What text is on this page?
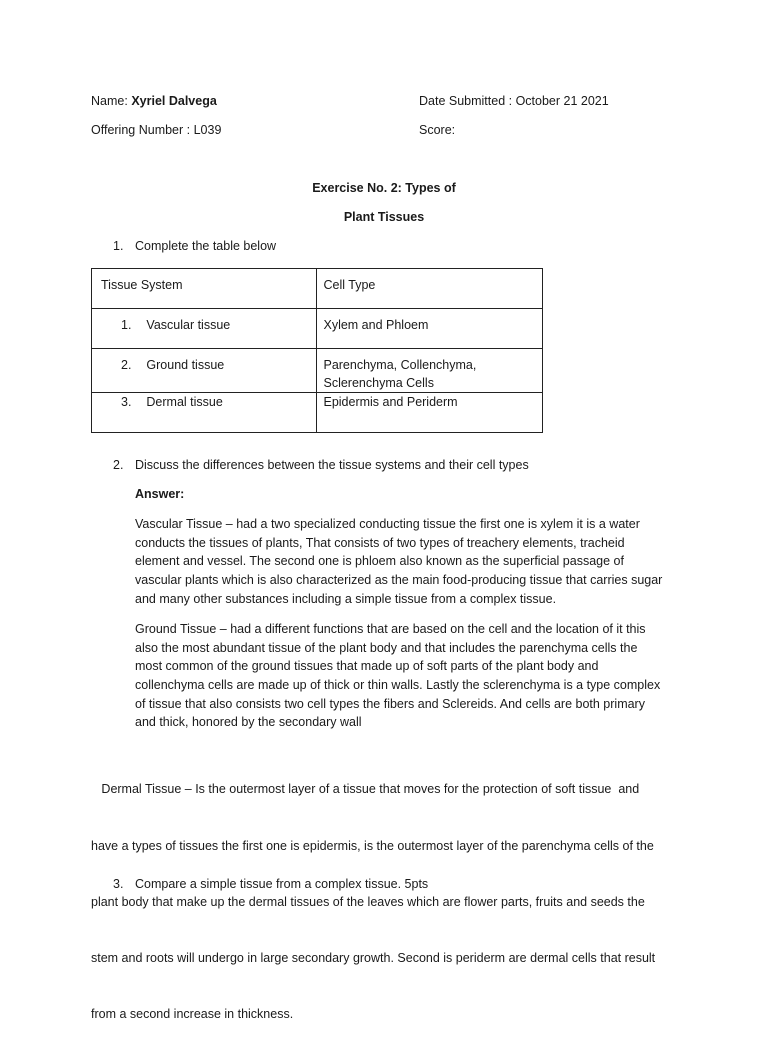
Name: Xyriel Dalvega	Date Submitted : October 21 2021
Offering Number : L039	Score:
Exercise No. 2: Types of
Plant Tissues
1. Complete the table below
Tissue System	Cell Type

1. Vascular tissue	Xylem and Phloem

2. Ground tissue	Parenchyma, Collenchyma,
Sclerenchyma Cells

3. Dermal tissue	Epidermis and Periderm
2. Discuss the differences between the tissue systems and their cell types
Answer:
Vascular Tissue – had a two specialized conducting tissue the first one is xylem it is a water
conducts the tissues of plants, That consists of two types of treachery elements, tracheid
element and vessel. The second one is phloem also known as the superficial passage of
vascular plants which is also characterized as the main food-producing tissue that carries sugar
and many other substances including a simple tissue from a complex tissue.
Ground Tissue – had a different functions that are based on the cell and the location of it this
also the most abundant tissue of the plant body and that includes the parenchyma cells the
most common of the ground tissues that made up of soft parts of the plant body and
collenchyma cells are made up of thick or thin walls. Lastly the sclerenchyma is a type complex
of tissue that also consists two cell types the fibers and Sclereids. And cells are both primary
and thick, honored by the secondary wall

Dermal Tissue – Is the outermost layer of a tissue that moves for the protection of soft tissue  and

have a types of tissues the first one is epidermis, is the outermost layer of the parenchyma cells of the

plant body that make up the dermal tissues of the leaves which are flower parts, fruits and seeds the

stem and roots will undergo in large secondary growth. Second is periderm are dermal cells that result

from a second increase in thickness.

3. Compare a simple tissue from a complex tissue. 5pts
